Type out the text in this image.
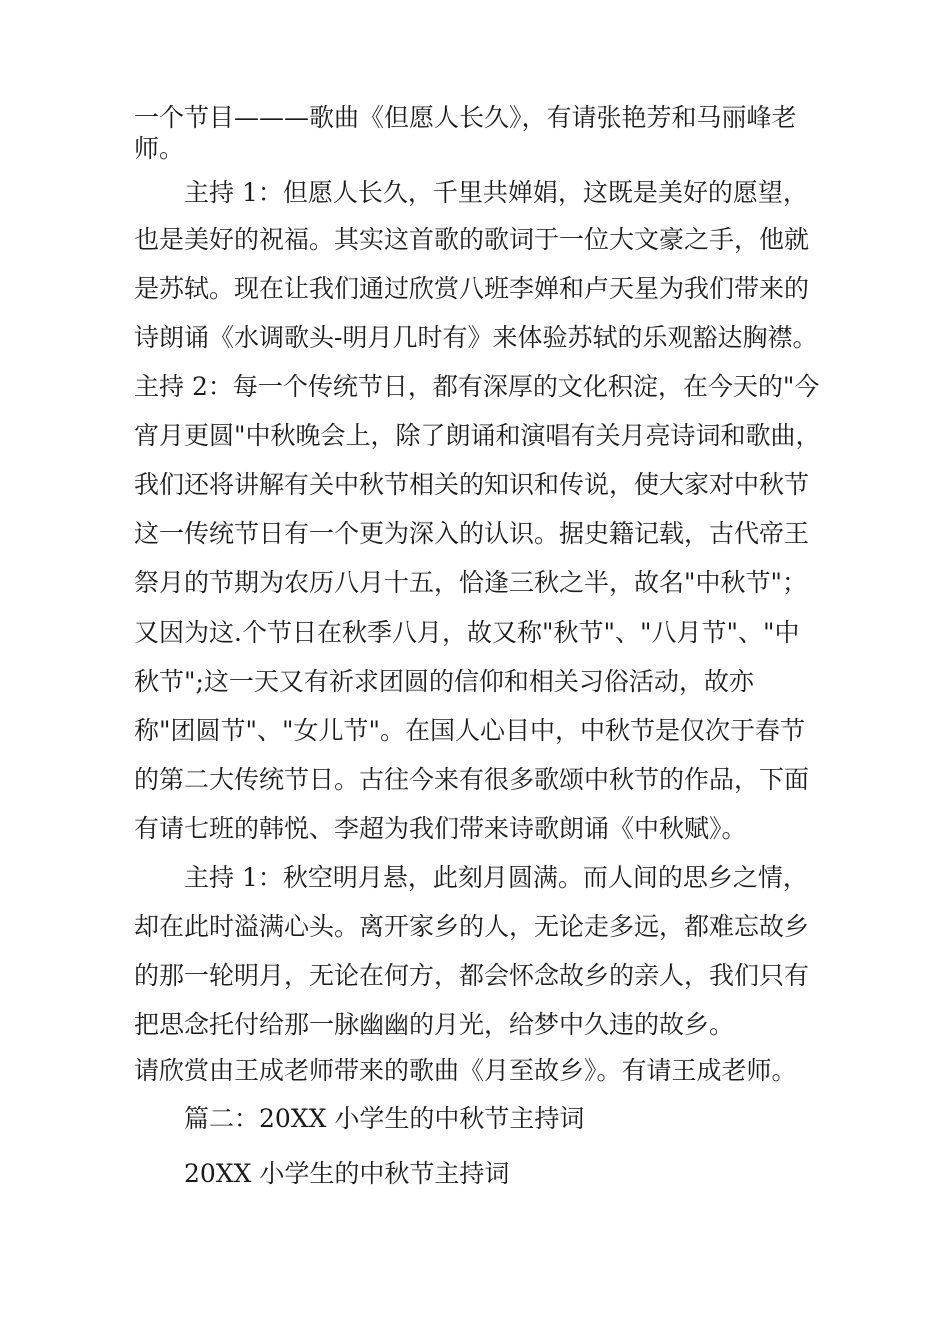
一个节目———歌曲《但愿人长久》，有请张艳芳和马丽峰老
师。
主持 1：但愿人长久，千里共婵娟，这既是美好的愿望，
也是美好的祝福。其实这首歌的歌词于一位大文豪之手，他就
是苏轼。现在让我们通过欣赏八班李婵和卢天星为我们带来的
诗朗诵《水调歌头-明月几时有》来体验苏轼的乐观豁达胸襟。
主持 2：每一个传统节日，都有深厚的文化积淀，在今天的"今
宵月更圆"中秋晚会上，除了朗诵和演唱有关月亮诗词和歌曲，
我们还将讲解有关中秋节相关的知识和传说，使大家对中秋节
这一传统节日有一个更为深入的认识。据史籍记载，古代帝王
祭月的节期为农历八月十五，恰逢三秋之半，故名"中秋节"；
又因为这.个节日在秋季八月，故又称"秋节"、"八月节"、"中
秋节";这一天又有祈求团圆的信仰和相关习俗活动，故亦
称"团圆节"、"女儿节"。在国人心目中，中秋节是仅次于春节
的第二大传统节日。古往今来有很多歌颂中秋节的作品，下面
有请七班的韩悦、李超为我们带来诗歌朗诵《中秋赋》。
主持 1：秋空明月悬，此刻月圆满。而人间的思乡之情，
却在此时溢满心头。离开家乡的人，无论走多远，都难忘故乡
的那一轮明月，无论在何方，都会怀念故乡的亲人，我们只有
把思念托付给那一脉幽幽的月光，给梦中久违的故乡。
请欣赏由王成老师带来的歌曲《月至故乡》。有请王成老师。
篇二：20XX 小学生的中秋节主持词
20XX 小学生的中秋节主持词
